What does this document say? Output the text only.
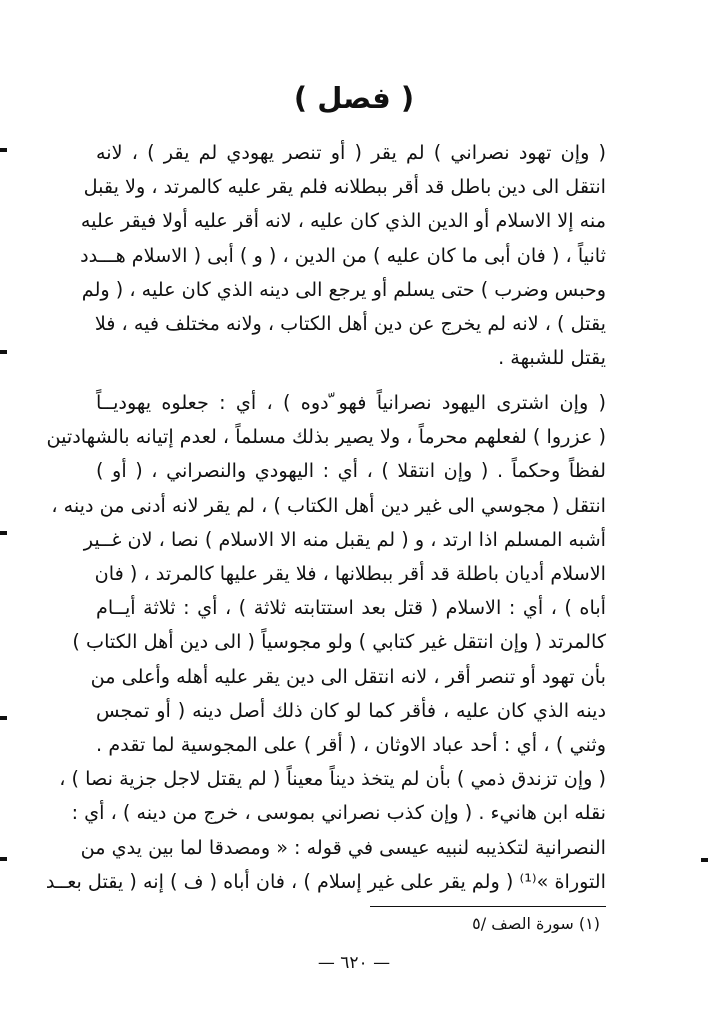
( فصل )
( وإن تهود نصراني ) لم يقر ( أو تنصر يهودي لم يقر ) ، لانه
انتقل الى دين باطل قد أقر ببطلانه فلم يقر عليه كالمرتد ، ولا يقبل
منه إلا الاسلام أو الدين الذي كان عليه ، لانه أقر عليه أولا فيقر عليه
ثانياً ، ( فان أبى ما كان عليه ) من الدين ، ( و ) أبى ( الاسلام هـــدد
وحبس وضرب ) حتى يسلم أو يرجع الى دينه الذي كان عليه ، ( ولم
يقتل ) ، لانه لم يخرج عن دين أهل الكتاب ، ولانه مختلف فيه ، فلا
يقتل للشبهة .
( وإن اشترى اليهود نصرانياً فهو ّدوه ) ، أي : جعلوه يهوديــاً
( عزروا ) لفعلهم محرماً ، ولا يصير بذلك مسلماً ، لعدم إتيانه بالشهادتين
لفظاً وحكماً . ( وإن انتقلا ) ، أي : اليهودي والنصراني ، ( أو )
انتقل ( مجوسي الى غير دين أهل الكتاب ) ، لم يقر لانه أدنى من دينه ،
أشبه المسلم اذا ارتد ، و ( لم يقبل منه الا الاسلام ) نصا ، لان غــير
الاسلام أديان باطلة قد أقر ببطلانها ، فلا يقر عليها كالمرتد ، ( فان
أباه ) ، أي : الاسلام ( قتل بعد استتابته ثلاثة ) ، أي : ثلاثة أيــام
كالمرتد ( وإن انتقل غير كتابي ) ولو مجوسياً ( الى دين أهل الكتاب )
بأن تهود أو تنصر أقر ، لانه انتقل الى دين يقر عليه أهله وأعلى من
دينه الذي كان عليه ، فأقر كما لو كان ذلك أصل دينه ( أو تمجس
وثني ) ، أي : أحد عباد الاوثان ، ( أقر ) على المجوسية لما تقدم .
( وإن تزندق ذمي ) بأن لم يتخذ ديناً معيناً ( لم يقتل لاجل جزية نصا ) ،
نقله ابن هانيء . ( وإن كذب نصراني بموسى ، خرج من دينه ) ، أي :
النصرانية لتكذيبه لنبيه عيسى في قوله : « ومصدقا لما بين يدي من
التوراة »⁽¹⁾ ( ولم يقر على غير إسلام ) ، فان أباه ( ف ) إنه ( يقتل بعــد
(١) سورة الصف /٥
— ٦٢٠ —
